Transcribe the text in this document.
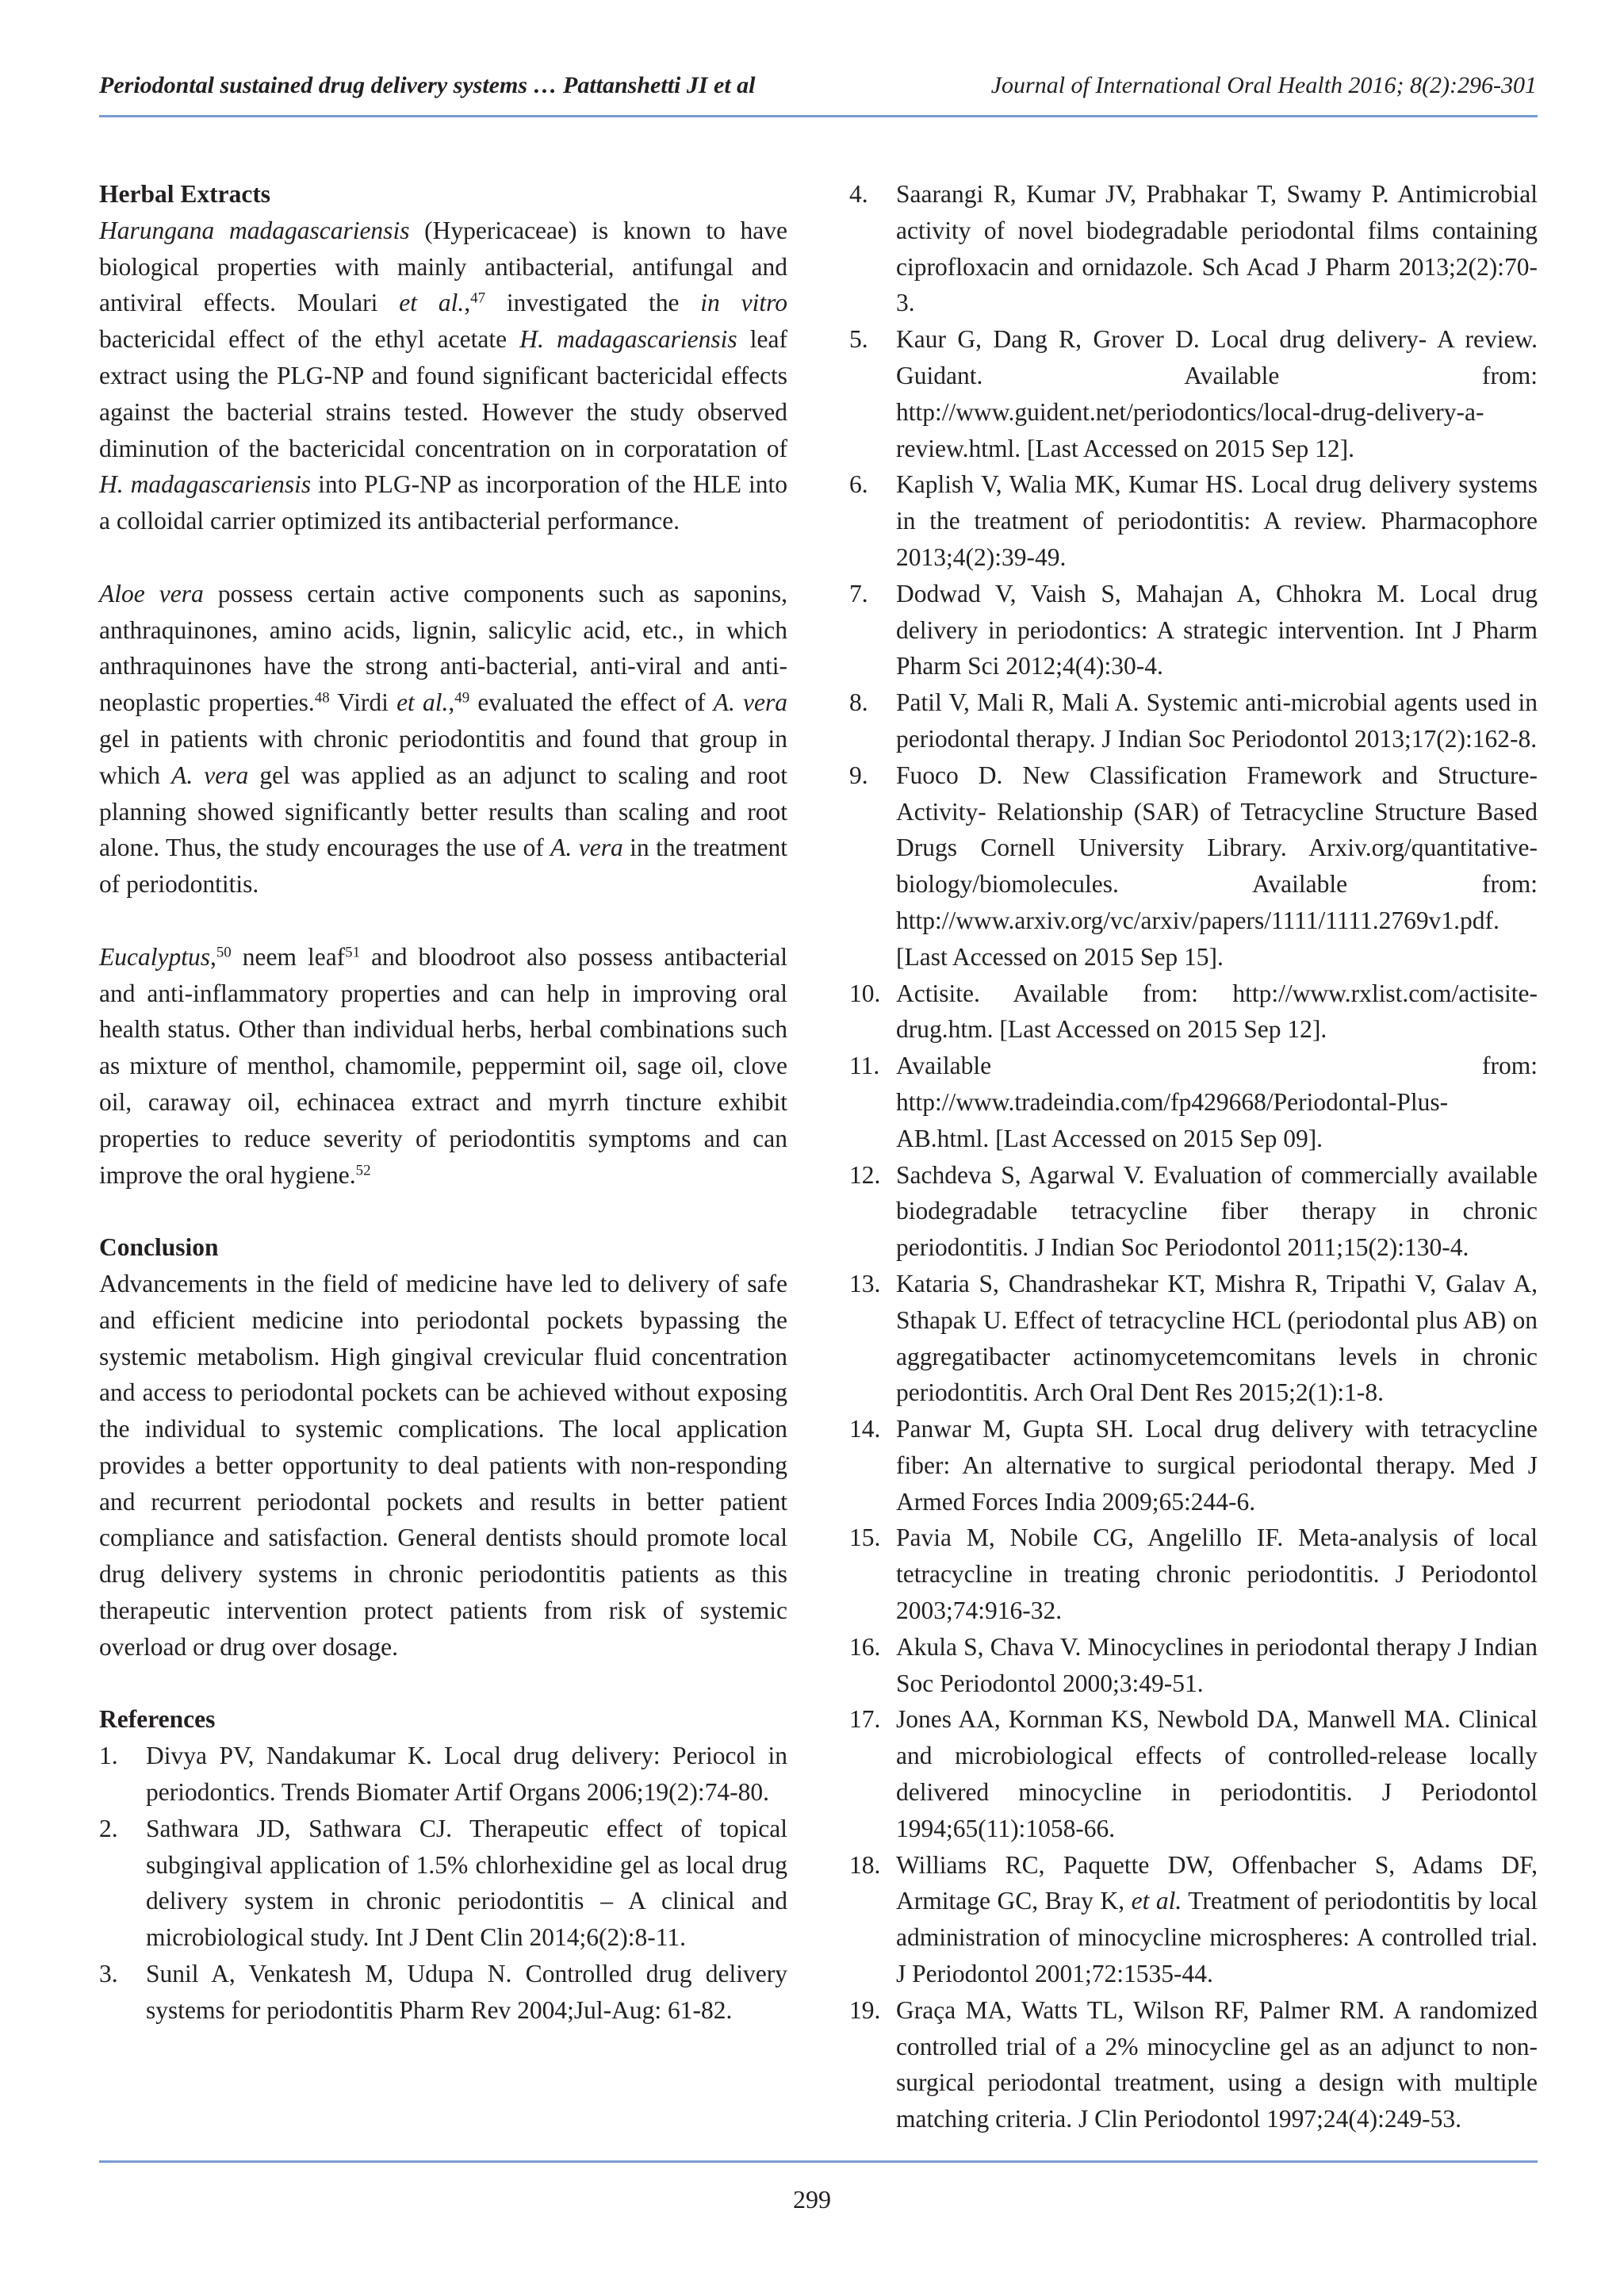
Periodontal sustained drug delivery systems … Pattanshetti JI et al	Journal of International Oral Health 2016; 8(2):296-301

Herbal Extracts

Harungana madagascariensis (Hypericaceae) is known to have biological properties with mainly antibacterial, antifungal and antiviral effects. Moulari et al.,$^{47}$ investigated the in vitro bactericidal effect of the ethyl acetate H. madagascariensis leaf extract using the PLG-NP and found significant bactericidal effects against the bacterial strains tested. However the study observed diminution of the bactericidal concentration on in corporatation of H. madagascariensis into PLG-NP as incorporation of the HLE into a colloidal carrier optimized its antibacterial performance.

Aloe vera possess certain active components such as saponins, anthraquinones, amino acids, lignin, salicylic acid, etc., in which anthraquinones have the strong anti-bacterial, anti-viral and anti-neoplastic properties.$^{48}$ Virdi et al.,$^{49}$ evaluated the effect of A. vera gel in patients with chronic periodontitis and found that group in which A. vera gel was applied as an adjunct to scaling and root planning showed significantly better results than scaling and root alone. Thus, the study encourages the use of A. vera in the treatment of periodontitis.

Eucalyptus,$^{50}$ neem leaf$^{51}$ and bloodroot also possess antibacterial and anti-inflammatory properties and can help in improving oral health status. Other than individual herbs, herbal combinations such as mixture of menthol, chamomile, peppermint oil, sage oil, clove oil, caraway oil, echinacea extract and myrrh tincture exhibit properties to reduce severity of periodontitis symptoms and can improve the oral hygiene.$^{52}$

Conclusion

Advancements in the field of medicine have led to delivery of safe and efficient medicine into periodontal pockets bypassing the systemic metabolism. High gingival crevicular fluid concentration and access to periodontal pockets can be achieved without exposing the individual to systemic complications. The local application provides a better opportunity to deal patients with non-responding and recurrent periodontal pockets and results in better patient compliance and satisfaction. General dentists should promote local drug delivery systems in chronic periodontitis patients as this therapeutic intervention protect patients from risk of systemic overload or drug over dosage.

References

1.	Divya PV, Nandakumar K. Local drug delivery: Periocol in periodontics. Trends Biomater Artif Organs 2006;19(2):74-80.
2.	Sathwara JD, Sathwara CJ. Therapeutic effect of topical subgingival application of 1.5% chlorhexidine gel as local drug delivery system in chronic periodontitis – A clinical and microbiological study. Int J Dent Clin 2014;6(2):8-11.
3.	Sunil A, Venkatesh M, Udupa N. Controlled drug delivery systems for periodontitis Pharm Rev 2004;Jul-Aug: 61-82.
4.	Saarangi R, Kumar JV, Prabhakar T, Swamy P. Antimicrobial activity of novel biodegradable periodontal films containing ciprofloxacin and ornidazole. Sch Acad J Pharm 2013;2(2):70-3.
5.	Kaur G, Dang R, Grover D. Local drug delivery- A review. Guidant. Available from: http://www.guident.net/periodontics/local-drug-delivery-a-review.html. [Last Accessed on 2015 Sep 12].
6.	Kaplish V, Walia MK, Kumar HS. Local drug delivery systems in the treatment of periodontitis: A review. Pharmacophore 2013;4(2):39-49.
7.	Dodwad V, Vaish S, Mahajan A, Chhokra M. Local drug delivery in periodontics: A strategic intervention. Int J Pharm Pharm Sci 2012;4(4):30-4.
8.	Patil V, Mali R, Mali A. Systemic anti-microbial agents used in periodontal therapy. J Indian Soc Periodontol 2013;17(2):162-8.
9.	Fuoco D. New Classification Framework and Structure-Activity- Relationship (SAR) of Tetracycline Structure Based Drugs Cornell University Library. Arxiv.org/quantitative-biology/biomolecules. Available from: http://www.arxiv.org/vc/arxiv/papers/1111/1111.2769v1.pdf. [Last Accessed on 2015 Sep 15].
10. Actisite. Available from: http://www.rxlist.com/actisite-drug.htm. [Last Accessed on 2015 Sep 12].
11. Available from: http://www.tradeindia.com/fp429668/Periodontal-Plus-AB.html. [Last Accessed on 2015 Sep 09].
12. Sachdeva S, Agarwal V. Evaluation of commercially available biodegradable tetracycline fiber therapy in chronic periodontitis. J Indian Soc Periodontol 2011;15(2):130-4.
13. Kataria S, Chandrashekar KT, Mishra R, Tripathi V, Galav A, Sthapak U. Effect of tetracycline HCL (periodontal plus AB) on aggregatibacter actinomycetemcomitans levels in chronic periodontitis. Arch Oral Dent Res 2015;2(1):1-8.
14. Panwar M, Gupta SH. Local drug delivery with tetracycline fiber: An alternative to surgical periodontal therapy. Med J Armed Forces India 2009;65:244-6.
15. Pavia M, Nobile CG, Angelillo IF. Meta-analysis of local tetracycline in treating chronic periodontitis. J Periodontol 2003;74:916-32.
16. Akula S, Chava V. Minocyclines in periodontal therapy J Indian Soc Periodontol 2000;3:49-51.
17. Jones AA, Kornman KS, Newbold DA, Manwell MA. Clinical and microbiological effects of controlled-release locally delivered minocycline in periodontitis. J Periodontol 1994;65(11):1058-66.
18. Williams RC, Paquette DW, Offenbacher S, Adams DF, Armitage GC, Bray K, et al. Treatment of periodontitis by local administration of minocycline microspheres: A controlled trial. J Periodontol 2001;72:1535-44.
19. Graça MA, Watts TL, Wilson RF, Palmer RM. A randomized controlled trial of a 2% minocycline gel as an adjunct to non-surgical periodontal treatment, using a design with multiple matching criteria. J Clin Periodontol 1997;24(4):249-53.
299
